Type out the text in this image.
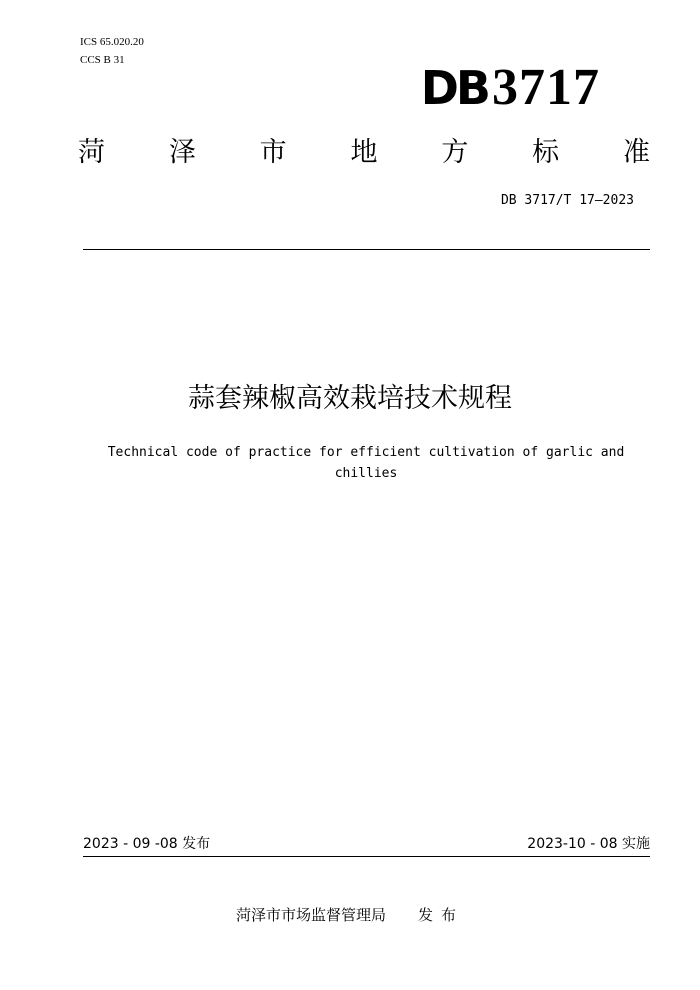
ICS 65.020.20
CCS B 31
DB3717
菏 泽 市 地 方 标 准
DB 3717/T 17—2023
蒜套辣椒高效栽培技术规程
Technical code of practice for efficient cultivation of garlic and chillies
2023 - 09 -08 发布	2023-10 - 08 实施
菏泽市市场监督管理局 发布
